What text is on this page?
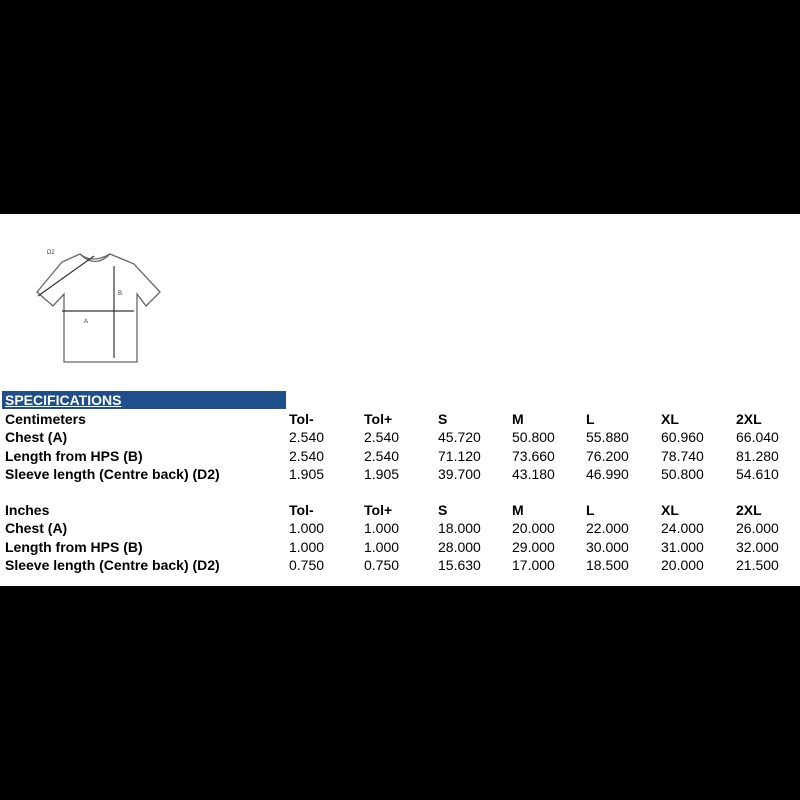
D2
A
B
SPECIFICATIONS
Centimeters	Tol-	Tol+	S	M	L	XL	2XL
Chest (A)	2.540	2.540	45.720 50.800 55.880 60.960 66.040
Length from HPS (B)	2.540	2.540	71.120 73.660 76.200 78.740 81.280
Sleeve length (Centre back) (D2)	1.905	1.905	39.700 43.180 46.990 50.800 54.610
Inches	Tol-	Tol+	S	M	L	XL	2XL
Chest (A)	1.000	1.000	18.000 20.000 22.000 24.000 26.000
Length from HPS (B)	1.000	1.000	28.000 29.000 30.000 31.000 32.000
Sleeve length (Centre back) (D2)	0.750	0.750	15.630 17.000 18.500 20.000 21.500
